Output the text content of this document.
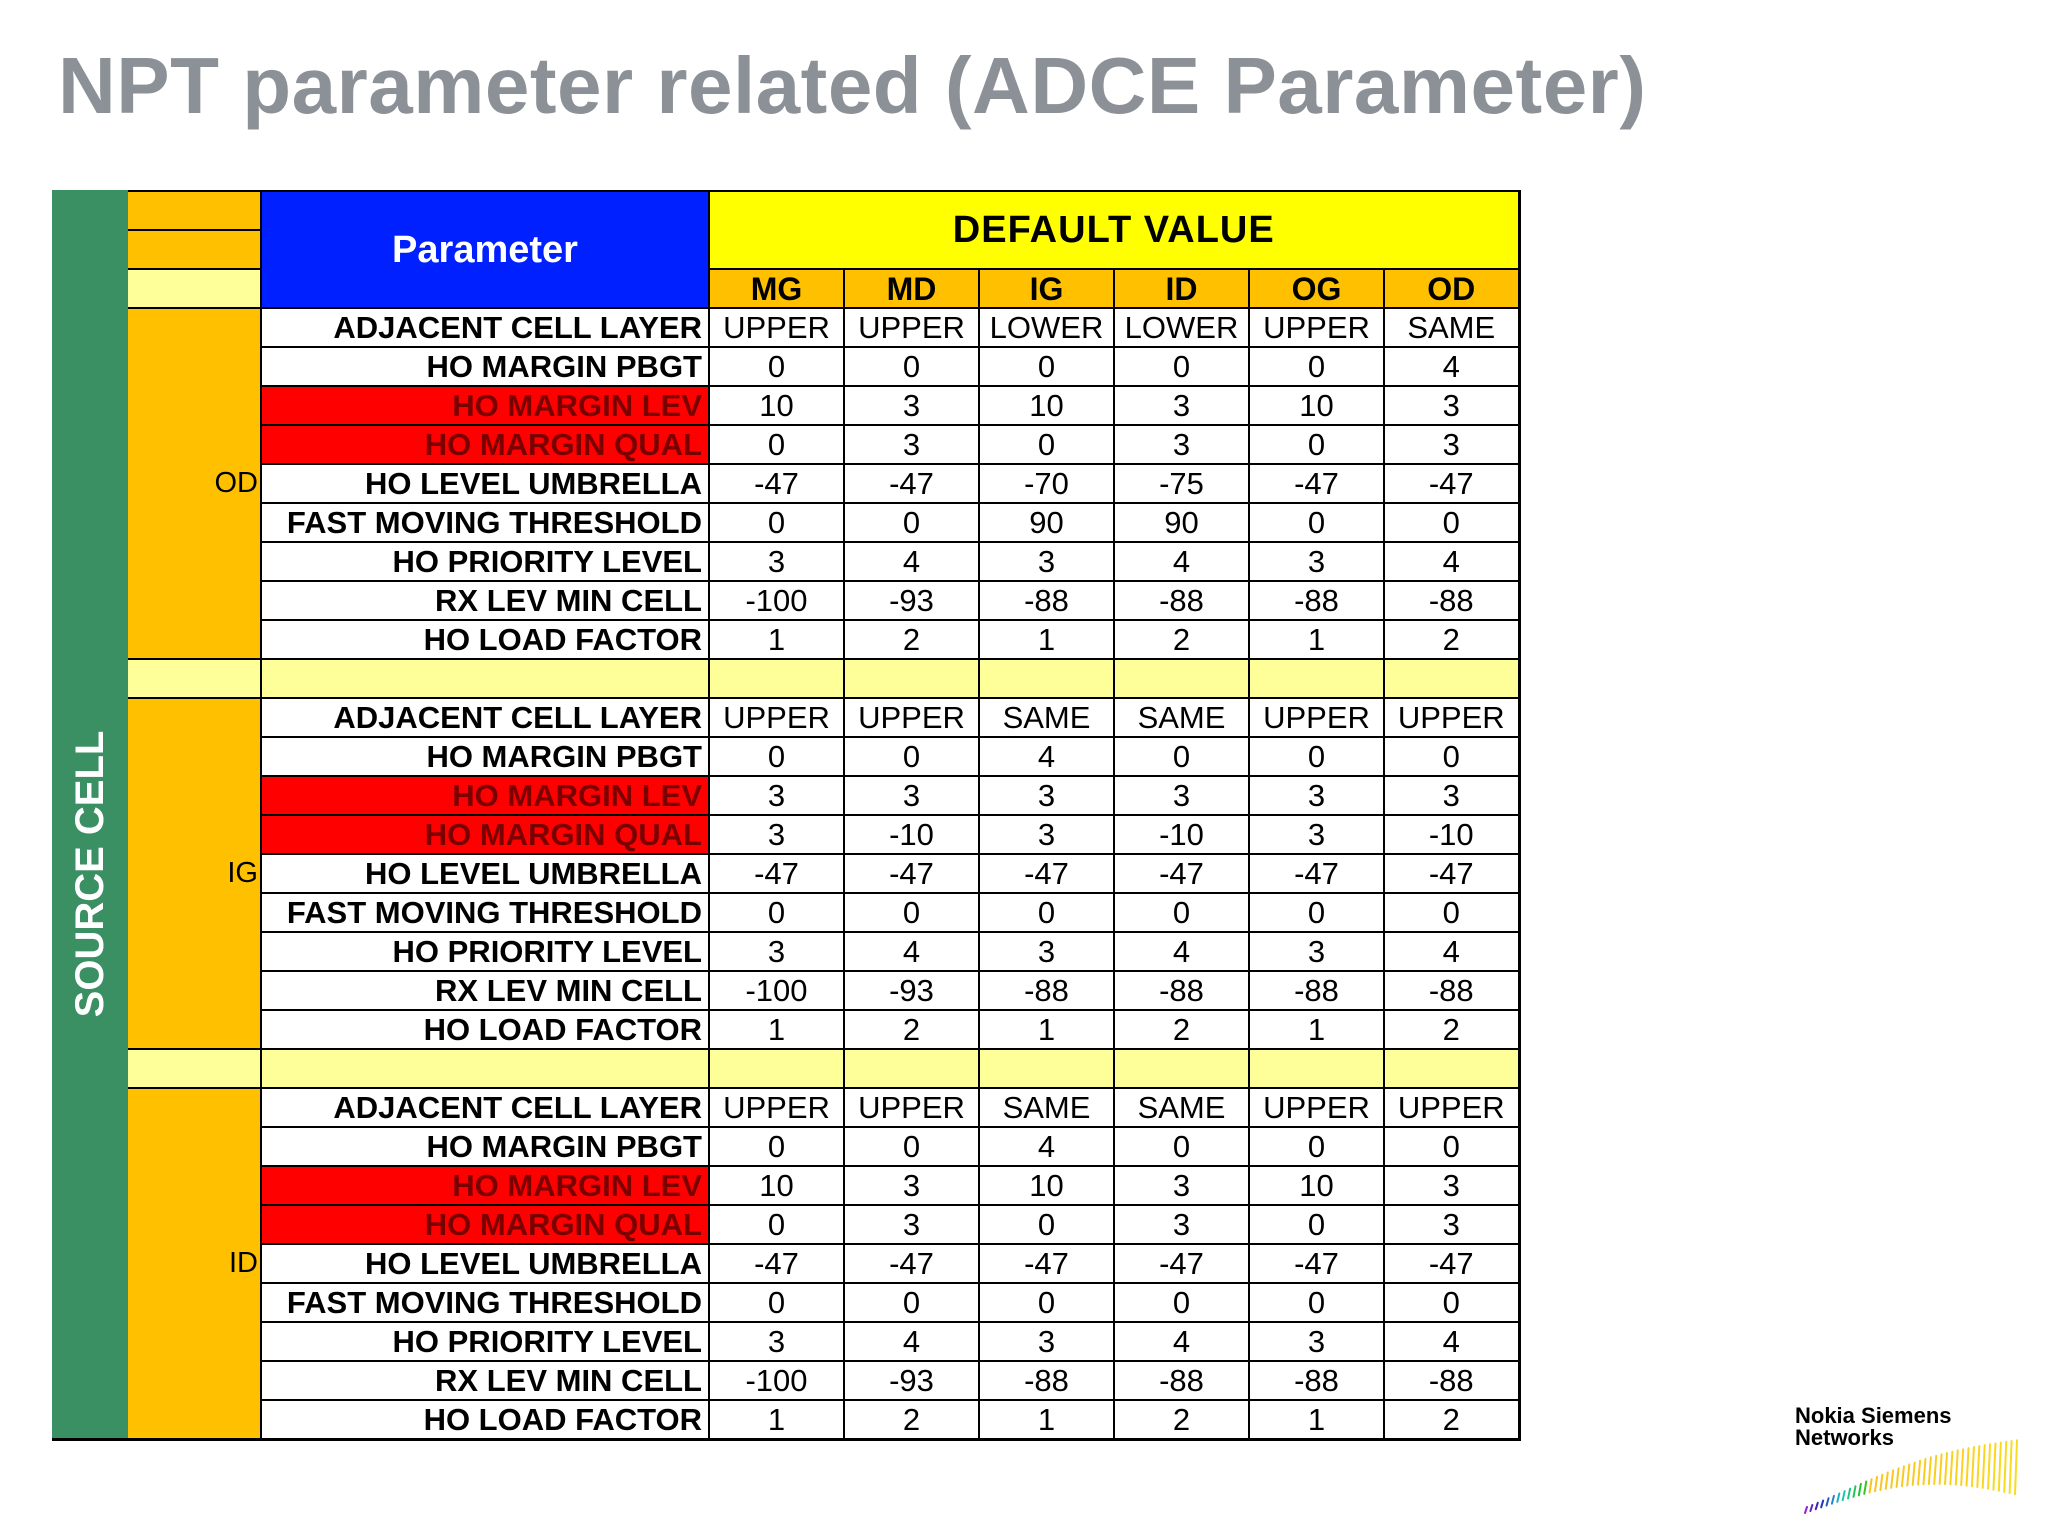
NPT parameter related (ADCE Parameter)
		Parameter	DEFAULT VALUE					

			MG	MD	IG	ID	OG	OD

SOURCE CELL	OD	ADJACENT CELL LAYER	UPPER	UPPER	LOWER	LOWER	UPPER	SAME
		HO MARGIN PBGT	0	0	0	0	0	4
		HO MARGIN LEV	10	3	10	3	10	3
		HO MARGIN QUAL	0	3	0	3	0	3
		HO LEVEL UMBRELLA	-47	-47	-70	-75	-47	-47
		FAST MOVING THRESHOLD	0	0	90	90	0	0
		HO PRIORITY LEVEL	3	4	3	4	3	4
		RX LEV MIN CELL	-100	-93	-88	-88	-88	-88
		HO LOAD FACTOR	1	2	1	2	1	2

	IG	ADJACENT CELL LAYER	UPPER	UPPER	SAME	SAME	UPPER	UPPER
		HO MARGIN PBGT	0	0	4	0	0	0
		HO MARGIN LEV	3	3	3	3	3	3
		HO MARGIN QUAL	3	-10	3	-10	3	-10
		HO LEVEL UMBRELLA	-47	-47	-47	-47	-47	-47
		FAST MOVING THRESHOLD	0	0	0	0	0	0
		HO PRIORITY LEVEL	3	4	3	4	3	4
		RX LEV MIN CELL	-100	-93	-88	-88	-88	-88
		HO LOAD FACTOR	1	2	1	2	1	2

	ID	ADJACENT CELL LAYER	UPPER	UPPER	SAME	SAME	UPPER	UPPER
		HO MARGIN PBGT	0	0	4	0	0	0
		HO MARGIN LEV	10	3	10	3	10	3
		HO MARGIN QUAL	0	3	0	3	0	3
		HO LEVEL UMBRELLA	-47	-47	-47	-47	-47	-47
		FAST MOVING THRESHOLD	0	0	0	0	0	0
		HO PRIORITY LEVEL	3	4	3	4	3	4
		RX LEV MIN CELL	-100	-93	-88	-88	-88	-88
		HO LOAD FACTOR	1	2	1	2	1	2	Nokia Siemens
Networks
